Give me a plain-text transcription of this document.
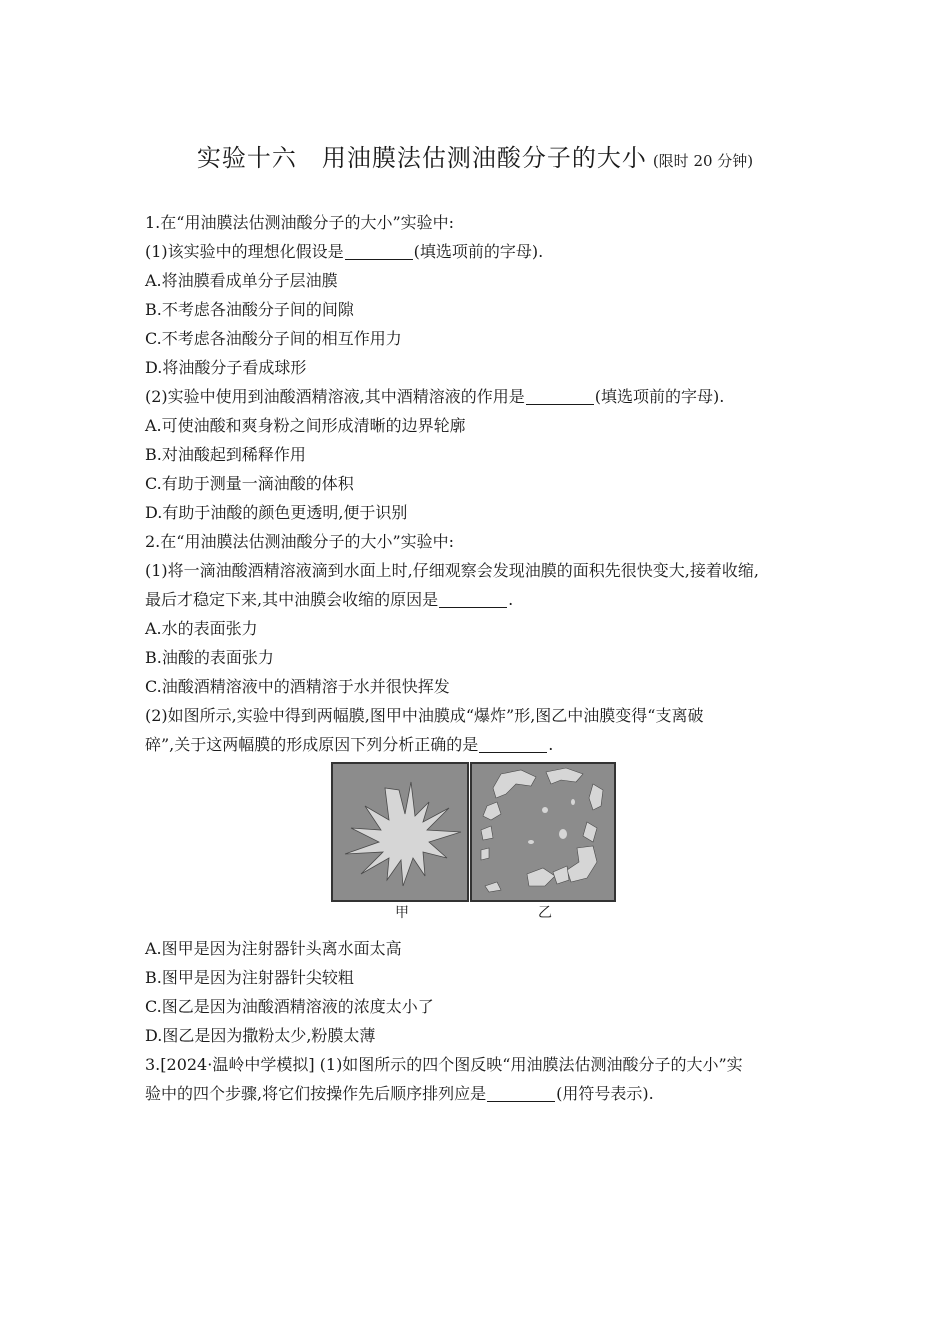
实验十六　用油膜法估测油酸分子的大小 (限时 20 分钟)
1.在“用油膜法估测油酸分子的大小”实验中:
(1)该实验中的理想化假设是	(填选项前的字母).
A.将油膜看成单分子层油膜
B.不考虑各油酸分子间的间隙
C.不考虑各油酸分子间的相互作用力
D.将油酸分子看成球形
(2)实验中使用到油酸酒精溶液,其中酒精溶液的作用是	(填选项前的字母).
A.可使油酸和爽身粉之间形成清晰的边界轮廓
B.对油酸起到稀释作用
C.有助于测量一滴油酸的体积
D.有助于油酸的颜色更透明,便于识别
2.在“用油膜法估测油酸分子的大小”实验中:
(1)将一滴油酸酒精溶液滴到水面上时,仔细观察会发现油膜的面积先很快变大,接着收缩,
最后才稳定下来,其中油膜会收缩的原因是	.
A.水的表面张力
B.油酸的表面张力
C.油酸酒精溶液中的酒精溶于水并很快挥发
(2)如图所示,实验中得到两幅膜,图甲中油膜成“爆炸”形,图乙中油膜变得“支离破
碎”,关于这两幅膜的形成原因下列分析正确的是	.
甲	乙
A.图甲是因为注射器针头离水面太高
B.图甲是因为注射器针尖较粗
C.图乙是因为油酸酒精溶液的浓度太小了
D.图乙是因为撒粉太少,粉膜太薄
3.[2024·温岭中学模拟] (1)如图所示的四个图反映“用油膜法估测油酸分子的大小”实
验中的四个步骤,将它们按操作先后顺序排列应是	(用符号表示).
